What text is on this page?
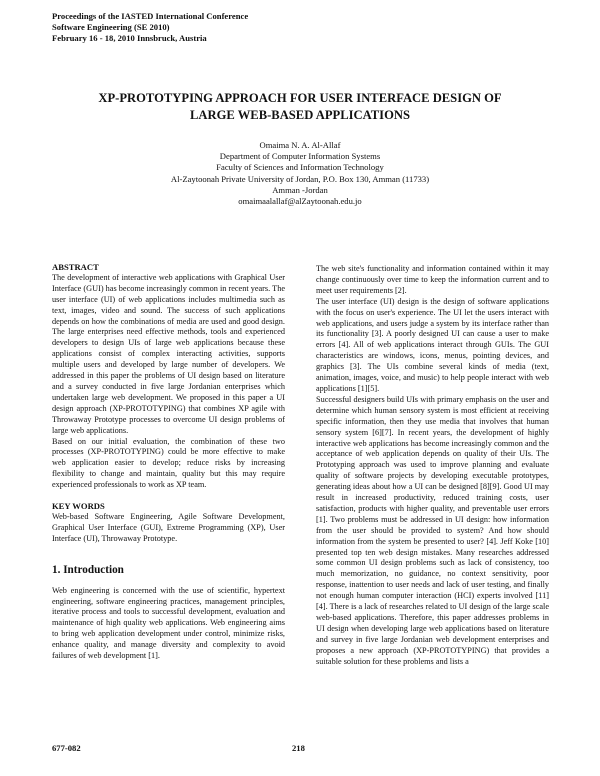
Proceedings of the IASTED International Conference
Software Engineering (SE 2010)
February 16 - 18, 2010 Innsbruck, Austria
XP-PROTOTYPING APPROACH FOR USER INTERFACE DESIGN OF
LARGE WEB-BASED APPLICATIONS
Omaima N. A. Al-Allaf
Department of Computer Information Systems
Faculty of Sciences and Information Technology
Al-Zaytoonah Private University of Jordan, P.O. Box 130, Amman (11733)
Amman -Jordan
omaimaalallaf@alZaytoonah.edu.jo

ABSTRACT

The development of interactive web applications with Graphical User Interface (GUI) has become increasingly common in recent years. The user interface (UI) of web applications includes multimedia such as text, images, video and sound. The success of such applications depends on how the combinations of media are used and good design. The large enterprises need effective methods, tools and experienced developers to design UIs of large web applications because these applications consist of complex interacting activities, supports multiple users and developed by large number of developers. We addressed in this paper the problems of UI design based on literature and a survey conducted in five large Jordanian enterprises which undertaken large web development. We proposed in this paper a UI design approach (XP-PROTOTYPING) that combines XP agile with Throwaway Prototype processes to overcome UI design problems of large web applications.

Based on our initial evaluation, the combination of these two processes (XP-PROTOTYPING) could be more effective to make web application easier to develop; reduce risks by increasing flexibility to change and maintain, quality but this may require experienced professionals to work as XP team.

KEY WORDS

Web-based Software Engineering, Agile Software Development, Graphical User Interface (GUI), Extreme Programming (XP), User Interface (UI), Throwaway Prototype.

1. Introduction

Web engineering is concerned with the use of scientific, hypertext engineering, software engineering practices, management principles, iterative process and tools to successful development, evaluation and maintenance of high quality web applications. Web engineering aims to bring web application development under control, minimize risks, enhance quality, and manage diversity and complexity to avoid failures of web development [1].

The web site's functionality and information contained within it may change continuously over time to keep the information current and to meet user requirements [2].

The user interface (UI) design is the design of software applications with the focus on user's experience. The UI let the users interact with web applications, and users judge a system by its interface rather than its functionality [3]. A poorly designed UI can cause a user to make errors [4]. All of web applications interact through GUIs. The GUI characteristics are windows, icons, menus, pointing devices, and graphics [3]. The UIs combine several kinds of media (text, animation, images, voice, and music) to help people interact with web applications [1][5].

Successful designers build UIs with primary emphasis on the user and determine which human sensory system is most efficient at receiving specific information, then they use media that involves that human sensory system [6][7]. In recent years, the development of highly interactive web applications has become increasingly common and the acceptance of web application depends on quality of their UIs. The Prototyping approach was used to improve planning and evaluate quality of software projects by developing executable prototypes, generating ideas about how a UI can be designed [8][9]. Good UI may result in increased productivity, reduced training costs, user satisfaction, products with higher quality, and preventable user errors [1]. Two problems must be addressed in UI design: how information from the user should be provided to system? And how should information from the system be presented to user? [4]. Jeff Koke [10] presented top ten web design mistakes. Many researches addressed some common UI design problems such as lack of consistency, too much memorization, no guidance, no context sensitivity, poor response, inattention to user needs and lack of user testing, and finally not enough human computer interaction (HCI) experts involved [11][4]. There is a lack of researches related to UI design of the large scale web-based applications. Therefore, this paper addresses problems in UI design when developing large web applications based on literature and survey in five large Jordanian web development enterprises and proposes a new approach (XP-PROTOTYPING) that provides a suitable solution for these problems and lists a

677-082	218
